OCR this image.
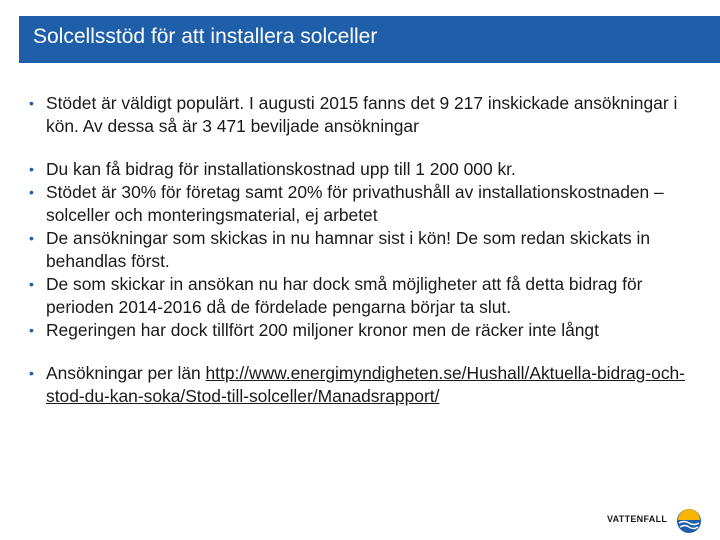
Solcellsstöd för att installera solceller
• Stödet är väldigt populärt. I augusti 2015 fanns det 9 217 inskickade ansökningar i kön. Av dessa så är 3 471 beviljade ansökningar
• Du kan få bidrag för installationskostnad upp till 1 200 000 kr.
• Stödet är 30% för företag samt 20% för privathushåll av installationskostnaden – solceller och monteringsmaterial, ej arbetet
• De ansökningar som skickas in nu hamnar sist i kön! De som redan skickats in behandlas först.
• De som skickar in ansökan nu har dock små möjligheter att få detta bidrag för perioden 2014-2016 då de fördelade pengarna börjar ta slut.
• Regeringen har dock tillfört 200 miljoner kronor men de räcker inte långt
• Ansökningar per län http://www.energimyndigheten.se/Hushall/Aktuella-bidrag-och-stod-du-kan-soka/Stod-till-solceller/Manadsrapport/
VATTENFALL
